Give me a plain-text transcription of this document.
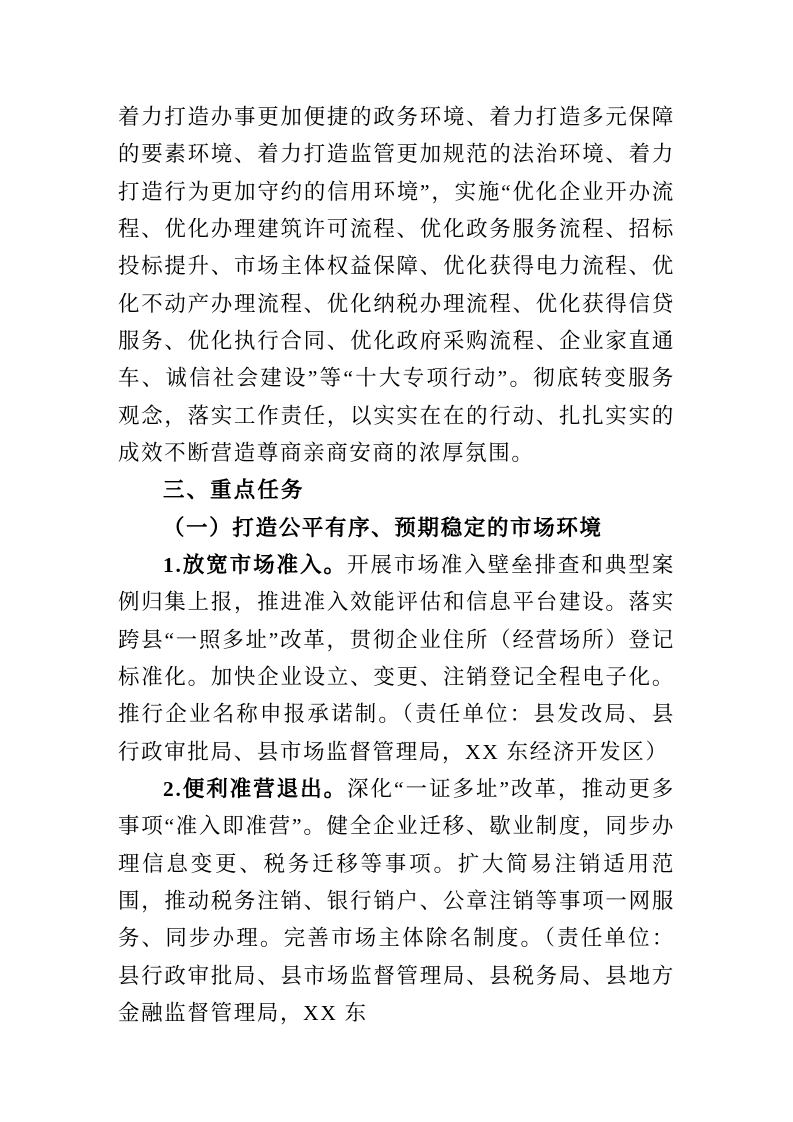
着力打造办事更加便捷的政务环境、着力打造多元保障的要素环境、着力打造监管更加规范的法治环境、着力打造行为更加守约的信用环境”，实施“优化企业开办流程、优化办理建筑许可流程、优化政务服务流程、招标投标提升、市场主体权益保障、优化获得电力流程、优化不动产办理流程、优化纳税办理流程、优化获得信贷服务、优化执行合同、优化政府采购流程、企业家直通车、诚信社会建设”等“十大专项行动”。彻底转变服务观念，落实工作责任，以实实在在的行动、扎扎实实的成效不断营造尊商亲商安商的浓厚氛围。

三、重点任务

（一）打造公平有序、预期稳定的市场环境

1.放宽市场准入。开展市场准入壁垒排查和典型案例归集上报，推进准入效能评估和信息平台建设。落实跨县“一照多址”改革，贯彻企业住所（经营场所）登记标准化。加快企业设立、变更、注销登记全程电子化。推行企业名称申报承诺制。（责任单位：县发改局、县行政审批局、县市场监督管理局，XX 东经济开发区）

2.便利准营退出。深化“一证多址”改革，推动更多事项“准入即准营”。健全企业迁移、歇业制度，同步办理信息变更、税务迁移等事项。扩大简易注销适用范围，推动税务注销、银行销户、公章注销等事项一网服务、同步办理。完善市场主体除名制度。（责任单位：县行政审批局、县市场监督管理局、县税务局、县地方金融监督管理局，XX 东
